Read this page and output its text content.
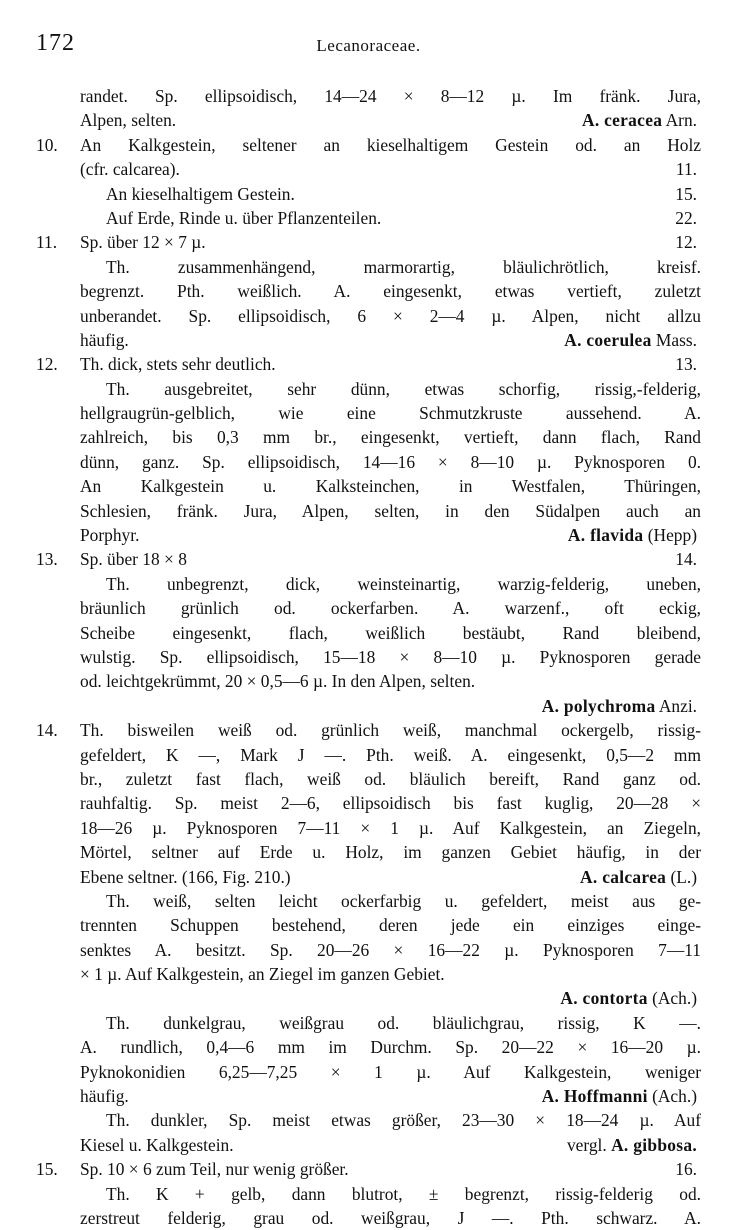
172	Lecanoraceae.
randet. Sp. ellipsoidisch, 14—24 × 8—12 µ. Im fränk. Jura,
Alpen, selten.	A. ceracea Arn.
10. An Kalkgestein, seltener an kieselhaltigem Gestein od. an Holz
(cfr. calcarea).	11.
An kieselhaltigem Gestein.	15.
Auf Erde, Rinde u. über Pflanzenteilen.	22.
11. Sp. über 12 × 7 µ.	12.
Th. zusammenhängend, marmorartig, bläulichrötlich, kreisf.
begrenzt. Pth. weißlich. A. eingesenkt, etwas vertieft, zuletzt
unberandet. Sp. ellipsoidisch, 6 × 2—4 µ. Alpen, nicht allzu
häufig.	A. coerulea Mass.
12. Th. dick, stets sehr deutlich.	13.
Th. ausgebreitet, sehr dünn, etwas schorfig, rissig,-felderig,
hellgraugrün-gelblich, wie eine Schmutzkruste aussehend. A.
zahlreich, bis 0,3 mm br., eingesenkt, vertieft, dann flach, Rand
dünn, ganz. Sp. ellipsoidisch, 14—16 × 8—10 µ. Pyknosporen 0.
An Kalkgestein u. Kalksteinchen, in Westfalen, Thüringen,
Schlesien, fränk. Jura, Alpen, selten, in den Südalpen auch an
Porphyr.	A. flavida (Hepp)
13. Sp. über 18 × 8	14.
Th. unbegrenzt, dick, weinsteinartig, warzig-felderig, uneben,
bräunlich grünlich od. ockerfarben. A. warzenf., oft eckig,
Scheibe eingesenkt, flach, weißlich bestäubt, Rand bleibend,
wulstig. Sp. ellipsoidisch, 15—18 × 8—10 µ. Pyknosporen gerade
od. leichtgekrümmt, 20 × 0,5—6 µ. In den Alpen, selten.
A. polychroma Anzi.
14. Th. bisweilen weiß od. grünlich weiß, manchmal ockergelb, rissig-
gefeldert, K —, Mark J —. Pth. weiß. A. eingesenkt, 0,5—2 mm
br., zuletzt fast flach, weiß od. bläulich bereift, Rand ganz od.
rauhfaltig. Sp. meist 2—6, ellipsoidisch bis fast kuglig, 20—28 ×
18—26 µ. Pyknosporen 7—11 × 1 µ. Auf Kalkgestein, an Ziegeln,
Mörtel, seltner auf Erde u. Holz, im ganzen Gebiet häufig, in der
Ebene seltner. (166, Fig. 210.)	A. calcarea (L.)
Th. weiß, selten leicht ockerfarbig u. gefeldert, meist aus ge-
trennten Schuppen bestehend, deren jede ein einziges einge-
senktes A. besitzt. Sp. 20—26 × 16—22 µ. Pyknosporen 7—11
× 1 µ. Auf Kalkgestein, an Ziegel im ganzen Gebiet.
A. contorta (Ach.)
Th. dunkelgrau, weißgrau od. bläulichgrau, rissig, K —.
A. rundlich, 0,4—6 mm im Durchm. Sp. 20—22 × 16—20 µ.
Pyknokonidien 6,25—7,25 × 1 µ. Auf Kalkgestein, weniger
häufig.	A. Hoffmanni (Ach.)
Th. dunkler, Sp. meist etwas größer, 23—30 × 18—24 µ. Auf
Kiesel u. Kalkgestein.	vergl. A. gibbosa.
15. Sp. 10 × 6 zum Teil, nur wenig größer.	16.
Th. K + gelb, dann blutrot, ± begrenzt, rissig-felderig od.
zerstreut felderig, grau od. weißgrau, J —. Pth. schwarz. A.
